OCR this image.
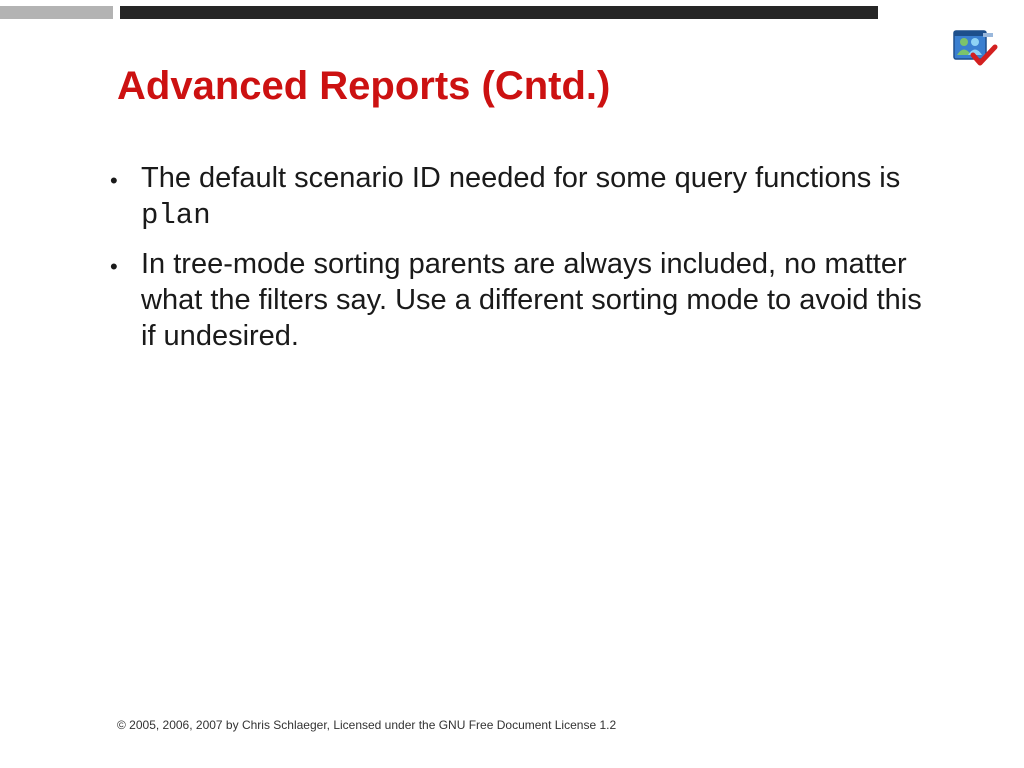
Advanced Reports (Cntd.)
• The default scenario ID needed for some query functions is plan
• In tree-mode sorting parents are always included, no matter what the filters say. Use a different sorting mode to avoid this if undesired.
© 2005, 2006, 2007 by Chris Schlaeger, Licensed under the GNU Free Document License 1.2
